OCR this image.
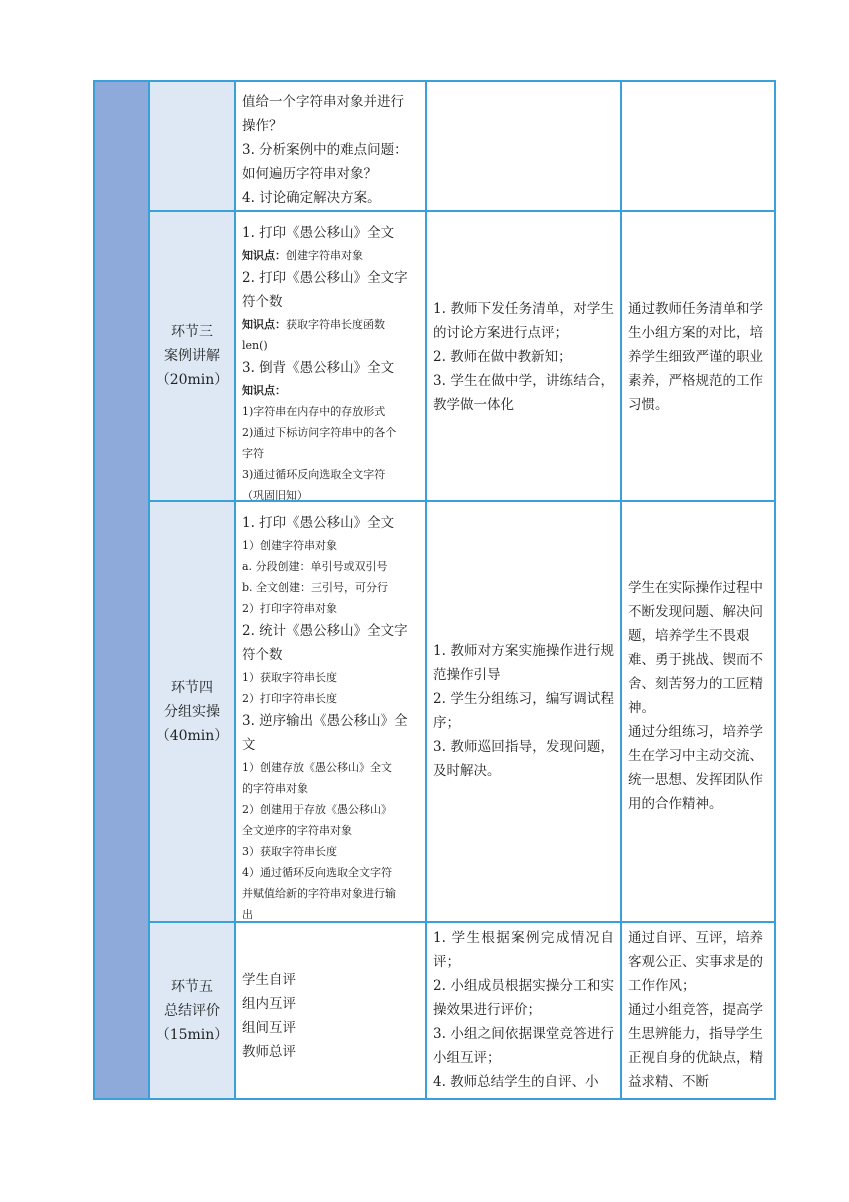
值给一个字符串对象并进行
操作？
3. 分析案例中的难点问题：
如何遍历字符串对象？
4. 讨论确定解决方案。
环节三
案例讲解
（20min）
1. 打印《愚公移山》全文
知识点：创建字符串对象
2. 打印《愚公移山》全文字
符个数
知识点：获取字符串长度函数
len()
3. 倒背《愚公移山》全文
知识点：
1)字符串在内存中的存放形式
2)通过下标访问字符串中的各个
字符
3)通过循环反向选取全文字符
（巩固旧知）
1. 教师下发任务清单，对学生的讨论方案进行点评；
2. 教师在做中教新知；
3. 学生在做中学，讲练结合，教学做一体化
通过教师任务清单和学生小组方案的对比，培养学生细致严谨的职业素养，严格规范的工作习惯。
环节四
分组实操
（40min）
1. 打印《愚公移山》全文
1）创建字符串对象
a. 分段创建：单引号或双引号
b. 全文创建：三引号，可分行
2）打印字符串对象
2. 统计《愚公移山》全文字
符个数
1）获取字符串长度
2）打印字符串长度
3. 逆序输出《愚公移山》全
文
1）创建存放《愚公移山》全文
的字符串对象
2）创建用于存放《愚公移山》
全文逆序的字符串对象
3）获取字符串长度
4）通过循环反向选取全文字符
并赋值给新的字符串对象进行输
出
1. 教师对方案实施操作进行规范操作引导
2. 学生分组练习，编写调试程序；
3. 教师巡回指导，发现问题，及时解决。
学生在实际操作过程中不断发现问题、解决问题，培养学生不畏艰难、勇于挑战、锲而不舍、刻苦努力的工匠精神。
通过分组练习，培养学生在学习中主动交流、统一思想、发挥团队作用的合作精神。
环节五
总结评价
（15min）
学生自评
组内互评
组间互评
教师总评
1. 学生根据案例完成情况自评；
2. 小组成员根据实操分工和实操效果进行评价；
3. 小组之间依据课堂竞答进行小组互评；
4. 教师总结学生的自评、小
通过自评、互评，培养客观公正、实事求是的工作作风；
通过小组竞答，提高学生思辨能力，指导学生正视自身的优缺点，精益求精、不断
